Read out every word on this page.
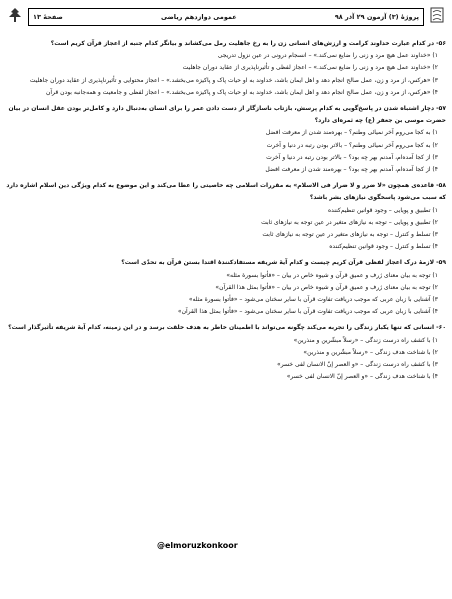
پروژهٔ (۳) آزمون ۲۹ آذر ۹۸
عمومی دوازدهم ریاضی
صفحهٔ ۱۳

۵۶- در کدام عبارت خداوند کرامت و ارزش‌های انسانی زن را به رخ جاهلیت رمل می‌کشاند و بیانگر کدام جنبه از اعجاز قرآن کریم است؟

۱) «خداوند عمل هیچ مرد و زنی را ضایع نمی‌کند.» – انسجام درونی در عین نزول تدریجی

۲) «خداوند عمل هیچ مرد و زنی را ضایع نمی‌کند.» – اعجاز لفظی و تأثیرناپذیری از عقاید دوران جاهلیت

۳) «هرکس، از مرد و زن، عمل صالح انجام دهد و اهل ایمان باشد، خداوند به او حیات پاک و پاکیزه می‌بخشد.» – اعجاز محتوایی و تأثیرناپذیری از عقاید دوران جاهلیت

۴) «هرکس، از مرد و زن، عمل صالح انجام دهد و اهل ایمان باشد، خداوند به او حیات پاک و پاکیزه می‌بخشد.» – اعجاز لفظی و جامعیت و همه‌جانبه بودن قرآن

۵۷- دچار اشتباه شدن در پاسخ‌گویی به کدام پرسش، بازتاب ناسازگار از دست دادن عمر را برای انسان به‌دنبال دارد و کامل‌تر بودن عقل انسان در بیان حضرت موسی بن جعفر (ع) چه ثمره‌ای دارد؟

۱) به کجا می‌روم آخر نمیائی وطنم؟ – بهره‌مند شدن از معرفت افضل

۲) به کجا می‌روم آخر نمیائی وطنم؟ – بالاتر بودن رتبه در دنیا و آخرت

۳) از کجا آمده‌ام، آمدنم بهر چه بود؟ – بالاتر بودن رتبه در دنیا و آخرت

۴) از کجا آمده‌ام، آمدنم بهر چه بود؟ – بهره‌مند شدن از معرفت افضل

۵۸- قاعده‌ی همچون «لا ضرر و لا ضرار فی الاسلام» به مقررات اسلامی چه خاصیتی را عطا می‌کند و این موضوع به کدام ویژگی دین اسلام اشاره دارد که سبب می‌شود پاسخگوی نیازهای بشر باشد؟

۱) تطبیق و پویایی – وجود قوانین تنظیم‌کننده

۲) تطبیق و پویایی – توجه به نیازهای متغیر در عین توجه به نیازهای ثابت

۳) تسلط و کنترل – توجه به نیازهای متغیر در عین توجه به نیازهای ثابت

۴) تسلط و کنترل – وجود قوانین تنظیم‌کننده

۵۹- لازمهٔ درک اعجاز لفظی قرآن کریم چیست و کدام آیهٔ شریفه مستفادکنندهٔ اقتدا بستن قرآن به تحدّی است؟

۱) توجه به بیان معنای ژرف و عمیق قرآن و شیوه خاص در بیان – «فأتوا بسورة مثله»

۲) توجه به بیان معنای ژرف و عمیق قرآن و شیوه خاص در بیان – «فأتوا بمثل هذا القرآن»

۳) آشنایی با زبان عربی که موجب دریافت تفاوت قرآن با سایر سخنان می‌شود – «فأتوا بسورة مثله»

۴) آشنایی با زبان عربی که موجب دریافت تفاوت قرآن با سایر سخنان می‌شود – «فأتوا بمثل هذا القرآن»

۶۰- انسانی که تنها یکبار زندگی را تجربه می‌کند چگونه می‌تواند با اطمینان خاطر به هدف خلقت برسد و در این زمینه، کدام آیهٔ شریفه تأثیرگذار است؟

۱) با کشف راه درست زندگی – «رسلاً مبشّرین و منذرین»

۲) با شناخت هدف زندگی – «رسلاً مبشّرین و منذرین»

۳) با کشف راه درست زندگی – «و العصر إنّ الانسان لفی خسر»

۴) با شناخت هدف زندگی – «و العصر إنّ الانسان لفی خسر»

@elmoruzkonkoor
